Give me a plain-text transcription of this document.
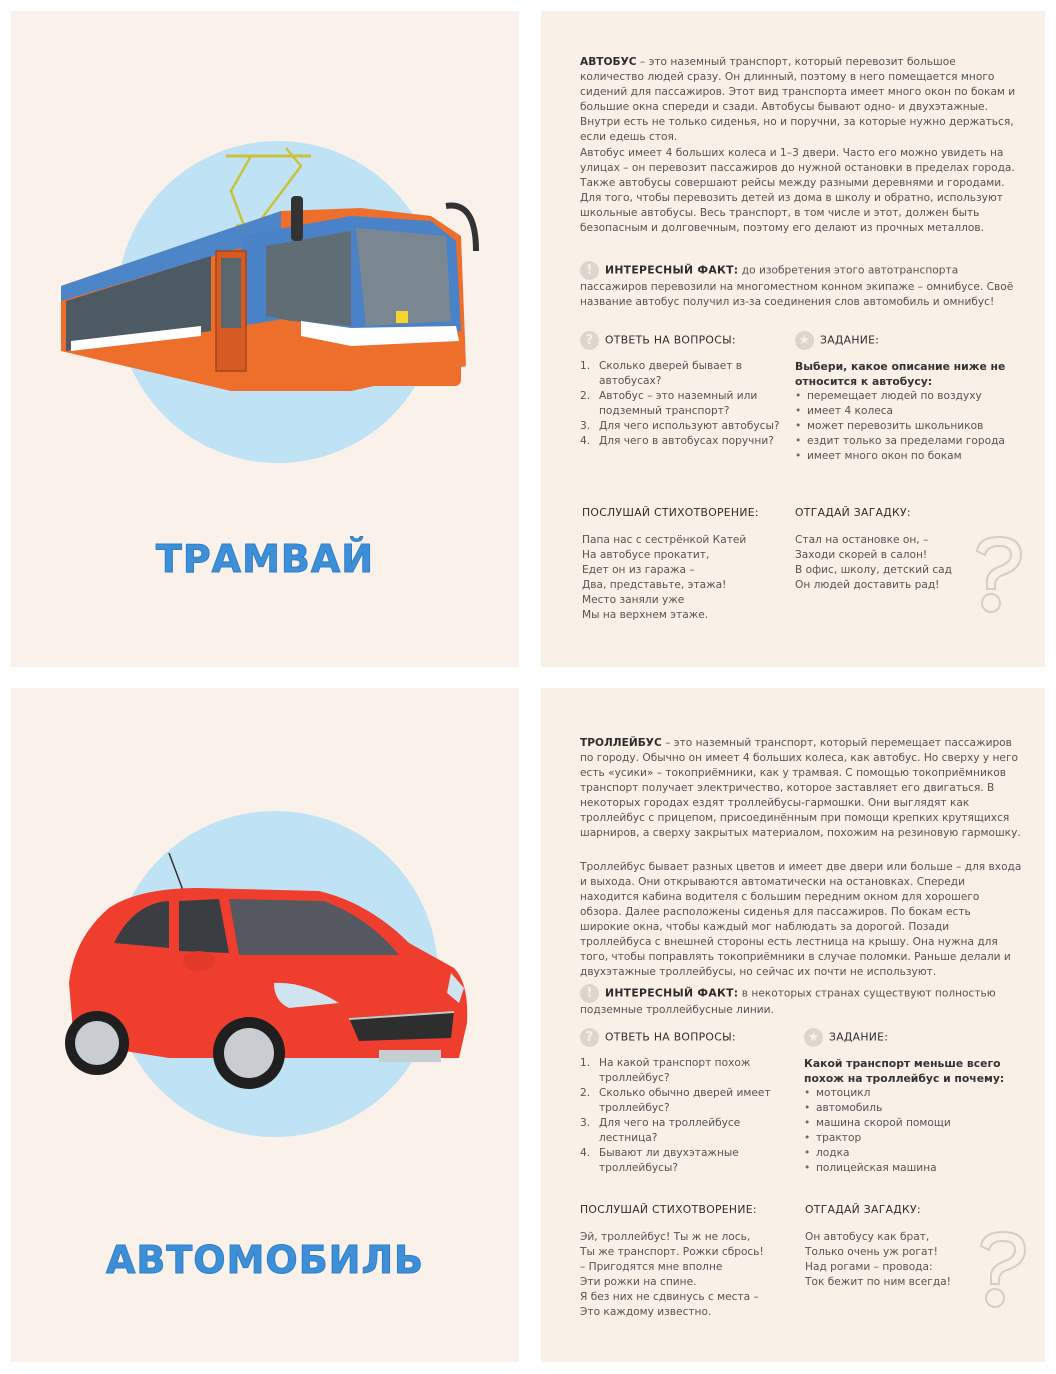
ТРАМВАЙ

АВТОБУС – это наземный транспорт, который перевозит большое количество людей сразу. Он длинный, поэтому в него помещается много сидений для пассажиров. Этот вид транспорта имеет много окон по бокам и большие окна спереди и сзади. Автобусы бывают одно- и двухэтажные. Внутри есть не только сиденья, но и поручни, за которые нужно держаться, если едешь стоя.

Автобус имеет 4 больших колеса и 1–3 двери. Часто его можно увидеть на улицах – он перевозит пассажиров до нужной остановки в пределах города. Также автобусы совершают рейсы между разными деревнями и городами. Для того, чтобы перевозить детей из дома в школу и обратно, используют школьные автобусы. Весь транспорт, в том числе и этот, должен быть безопасным и долговечным, поэтому его делают из прочных металлов.

! ИНТЕРЕСНЫЙ ФАКТ: до изобретения этого автотранспорта пассажиров перевозили на многоместном конном экипаже – омнибусе. Своё название автобус получил из-за соединения слов автомобиль и омнибус!

? ОТВЕТЬ НА ВОПРОСЫ:
1. Сколько дверей бывает в автобусах?
2. Автобус – это наземный или подземный транспорт?
3. Для чего используют автобусы?
4. Для чего в автобусах поручни?
★ ЗАДАНИЕ:
Выбери, какое описание ниже не относится к автобусу:
• перемещает людей по воздуху
• имеет 4 колеса
• может перевозить школьников
• ездит только за пределами города
• имеет много окон по бокам
ПОСЛУШАЙ СТИХОТВОРЕНИЕ:
Папа нас с сестрёнкой Катей
На автобусе прокатит,
Едет он из гаража –
Два, представьте, этажа!
Место заняли уже
Мы на верхнем этаже.
ОТГАДАЙ ЗАГАДКУ:
Стал на остановке он, –
Заходи скорей в салон!
В офис, школу, детский сад
Он людей доставить рад!
АВТОМОБИЛЬ

ТРОЛЛЕЙБУС – это наземный транспорт, который перемещает пассажиров по городу. Обычно он имеет 4 больших колеса, как автобус. Но сверху у него есть «усики» – токоприёмники, как у трамвая. С помощью токоприёмников транспорт получает электричество, которое заставляет его двигаться. В некоторых городах ездят троллейбусы-гармошки. Они выглядят как троллейбус с прицепом, присоединённым при помощи крепких крутящихся шарниров, а сверху закрытых материалом, похожим на резиновую гармошку.

Троллейбус бывает разных цветов и имеет две двери или больше – для входа и выхода. Они открываются автоматически на остановках. Спереди находится кабина водителя с большим передним окном для хорошего обзора. Далее расположены сиденья для пассажиров. По бокам есть широкие окна, чтобы каждый мог наблюдать за дорогой. Позади троллейбуса с внешней стороны есть лестница на крышу. Она нужна для того, чтобы поправлять токоприёмники в случае поломки. Раньше делали и двухэтажные троллейбусы, но сейчас их почти не используют.

! ИНТЕРЕСНЫЙ ФАКТ: в некоторых странах существуют полностью подземные троллейбусные линии.

? ОТВЕТЬ НА ВОПРОСЫ:
1. На какой транспорт похож троллейбус?
2. Сколько обычно дверей имеет троллейбус?
3. Для чего на троллейбусе лестница?
4. Бывают ли двухэтажные троллейбусы?
★ ЗАДАНИЕ:
Какой транспорт меньше всего похож на троллейбус и почему:
• мотоцикл
• автомобиль
• машина скорой помощи
• трактор
• лодка
• полицейская машина
ПОСЛУШАЙ СТИХОТВОРЕНИЕ:
Эй, троллейбус! Ты ж не лось,
Ты же транспорт. Рожки сбрось!
– Пригодятся мне вполне
Эти рожки на спине.
Я без них не сдвинусь с места –
Это каждому известно.
ОТГАДАЙ ЗАГАДКУ:
Он автобусу как брат,
Только очень уж рогат!
Над рогами – провода:
Ток бежит по ним всегда!
